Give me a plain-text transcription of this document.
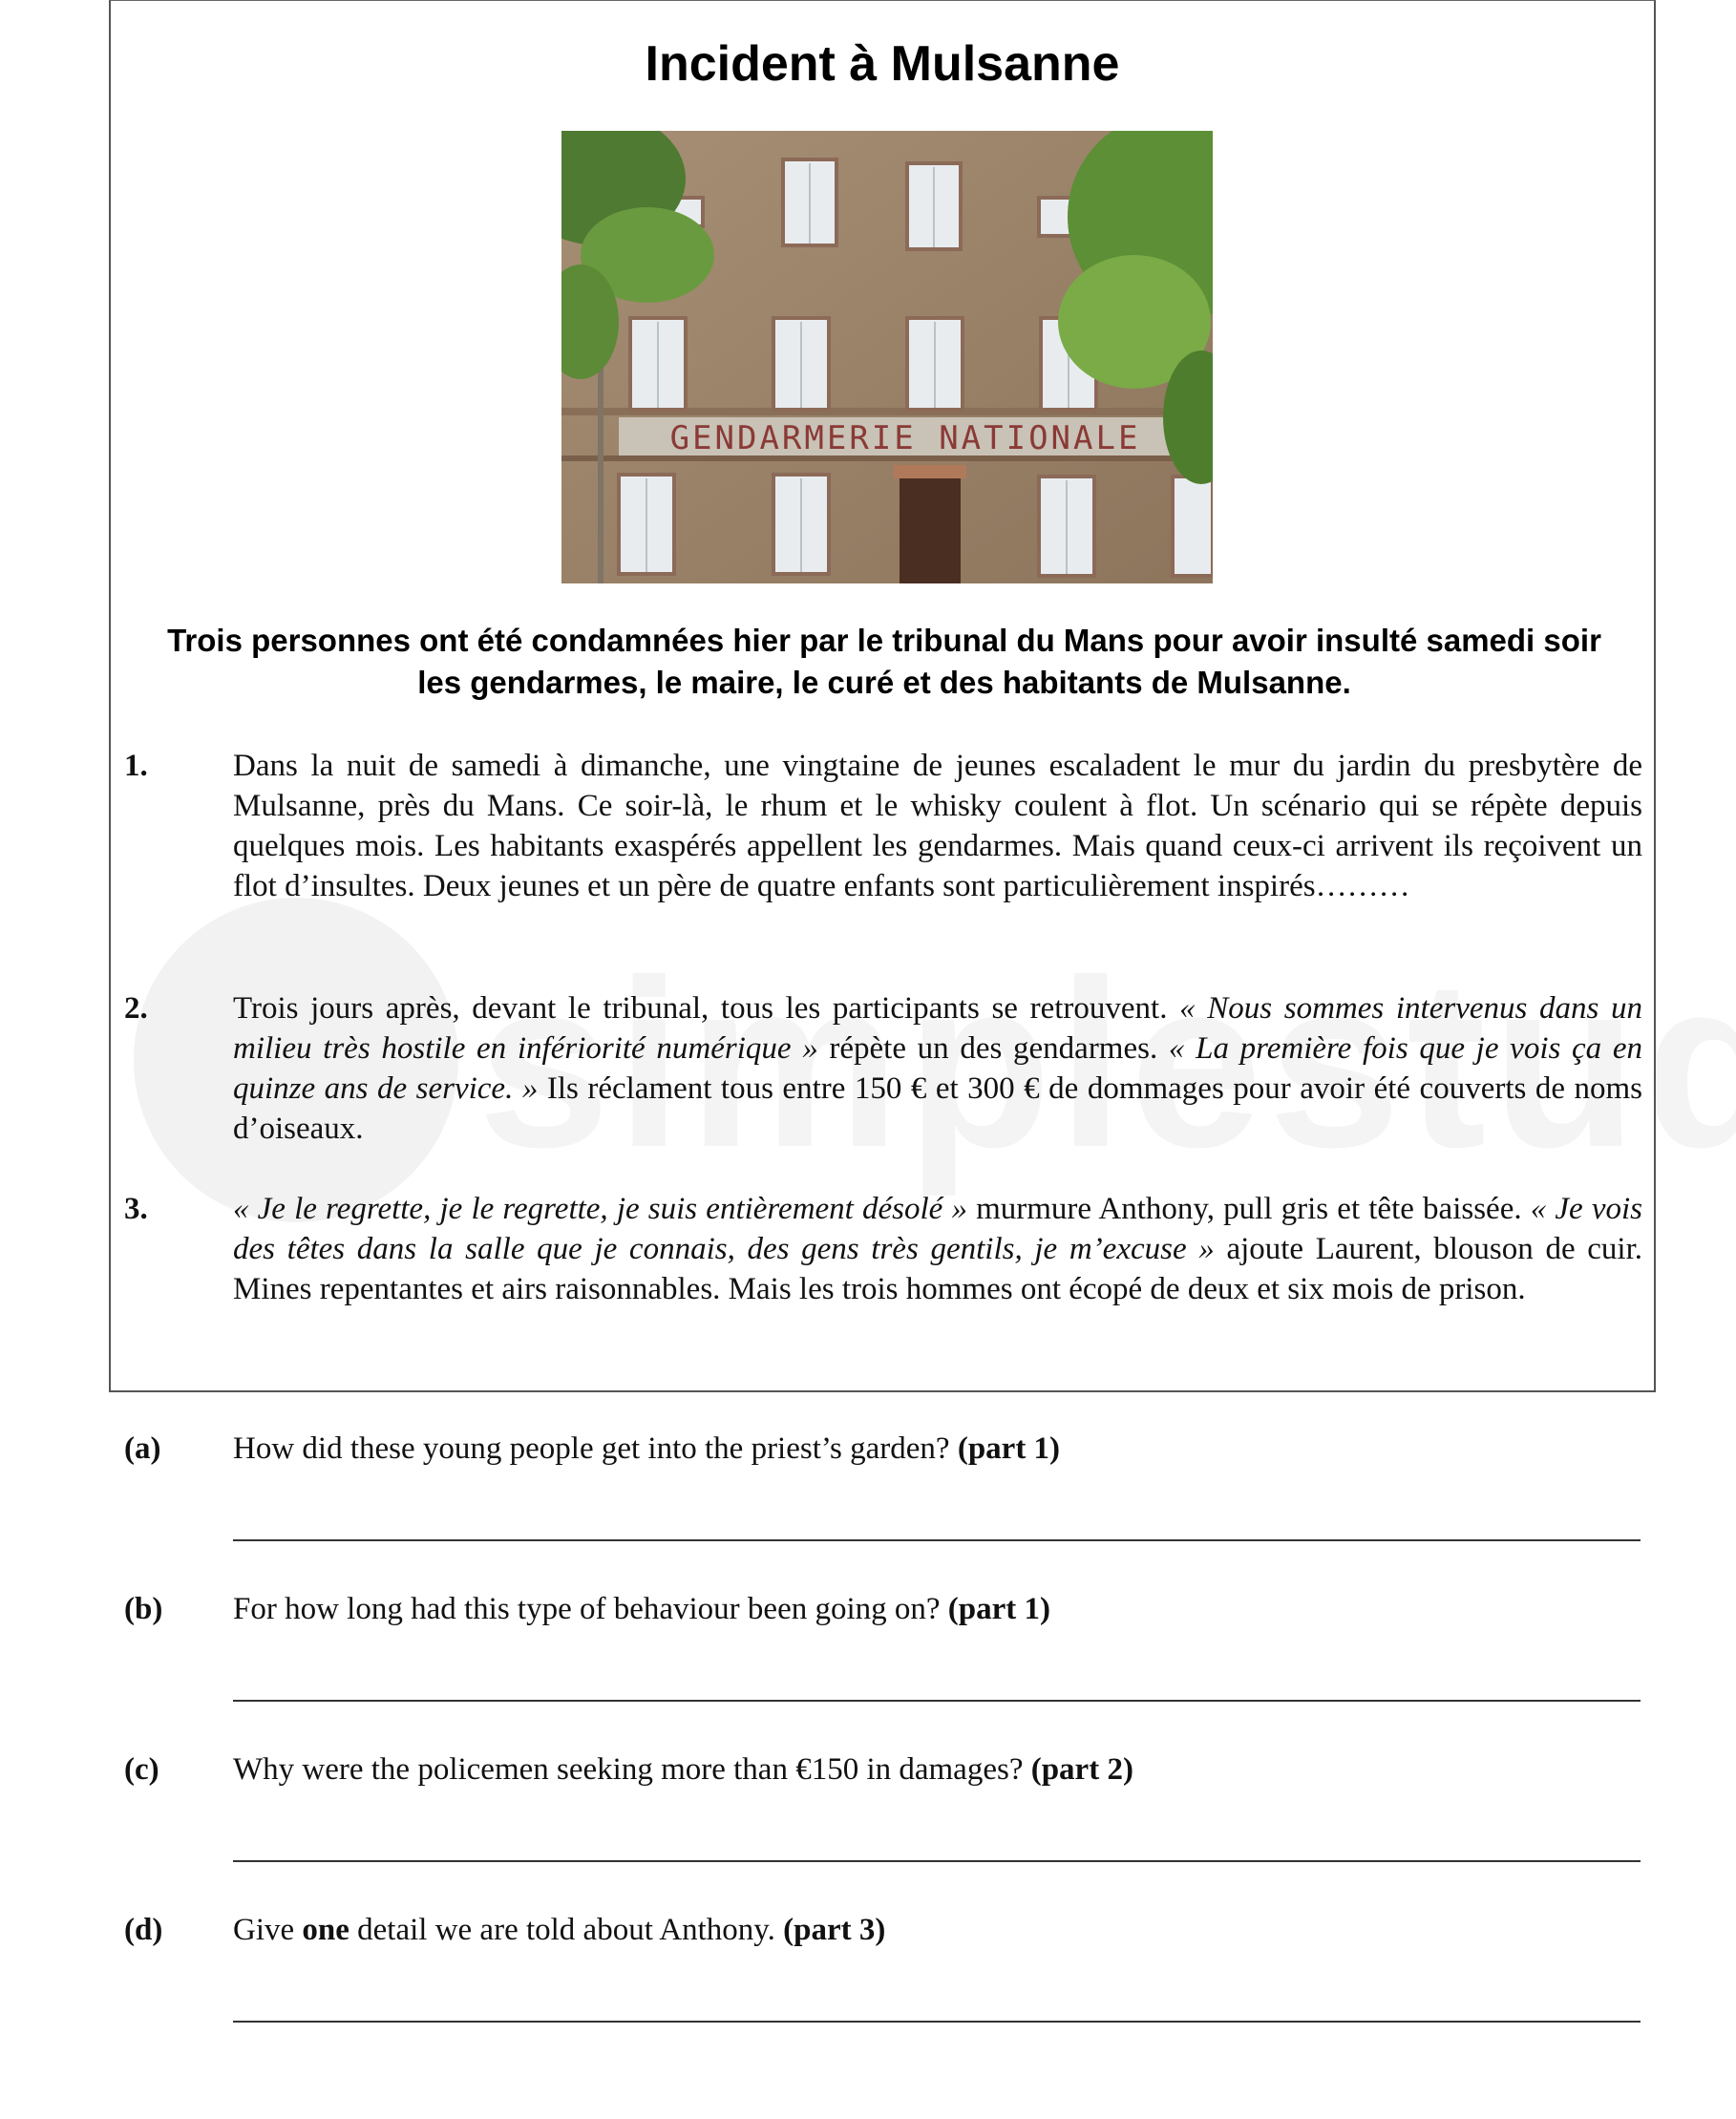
Incident à Mulsanne
GENDARMERIE NATIONALE
Trois personnes ont été condamnées hier par le tribunal du Mans pour avoir insulté samedi soir les gendarmes, le maire, le curé et des habitants de Mulsanne.
1.	Dans la nuit de samedi à dimanche, une vingtaine de jeunes escaladent le mur du jardin du presbytère de Mulsanne, près du Mans. Ce soir-là, le rhum et le whisky coulent à flot. Un scénario qui se répète depuis quelques mois. Les habitants exaspérés appellent les gendarmes. Mais quand ceux-ci arrivent ils reçoivent un flot d’insultes. Deux jeunes et un père de quatre enfants sont particulièrement inspirés………
2.	Trois jours après, devant le tribunal, tous les participants se retrouvent. « Nous sommes intervenus dans un milieu très hostile en infériorité numérique » répète un des gendarmes. « La première fois que je vois ça en quinze ans de service. » Ils réclament tous entre 150 € et 300 € de dommages pour avoir été couverts de noms d’oiseaux.
3.	« Je le regrette, je le regrette, je suis entièrement désolé » murmure Anthony, pull gris et tête baissée. « Je vois des têtes dans la salle que je connais, des gens très gentils, je m’excuse » ajoute Laurent, blouson de cuir. Mines repentantes et airs raisonnables. Mais les trois hommes ont écopé de deux et six mois de prison.
(a) How did these young people get into the priest’s garden? (part 1)
(b) For how long had this type of behaviour been going on? (part 1)
(c) Why were the policemen seeking more than €150 in damages? (part 2)
(d) Give one detail we are told about Anthony. (part 3)
